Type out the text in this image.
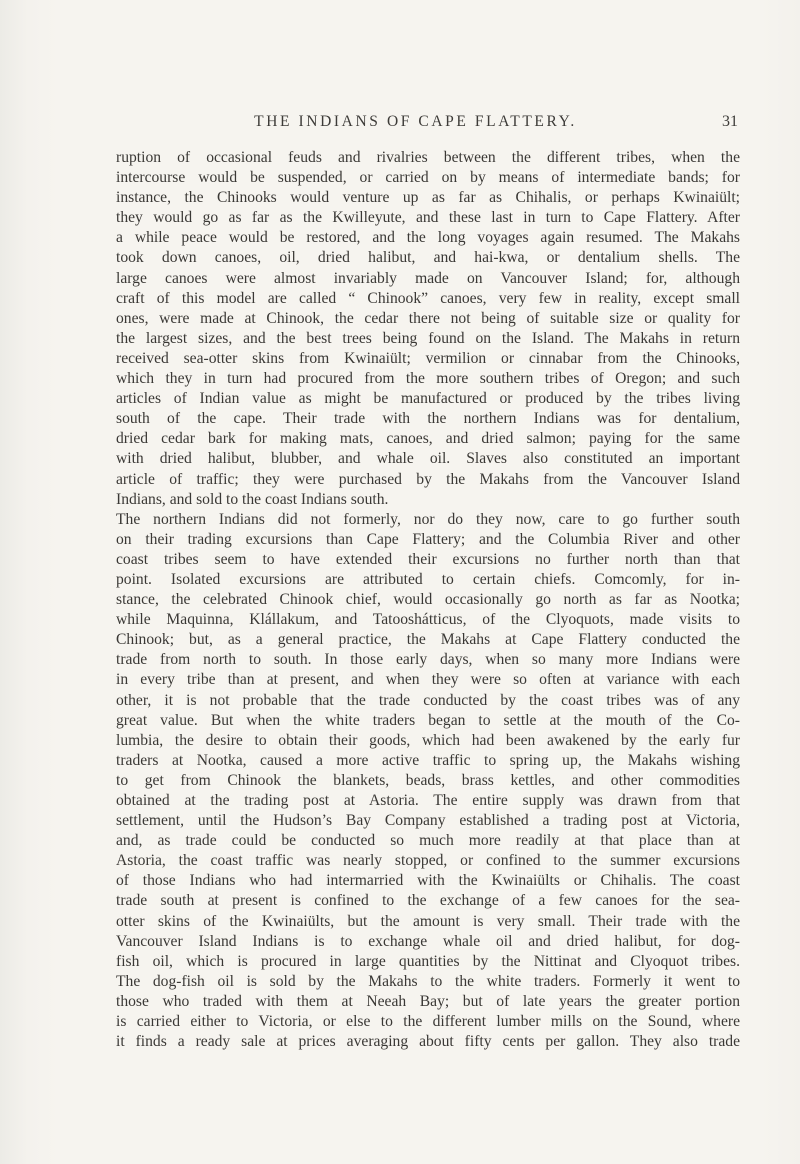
THE INDIANS OF CAPE FLATTERY.	31
ruption of occasional feuds and rivalries between the different tribes, when the
intercourse would be suspended, or carried on by means of intermediate bands; for
instance, the Chinooks would venture up as far as Chihalis, or perhaps Kwinaiült;
they would go as far as the Kwilleyute, and these last in turn to Cape Flattery. After
a while peace would be restored, and the long voyages again resumed. The Makahs
took down canoes, oil, dried halibut, and hai-kwa, or dentalium shells. The
large canoes were almost invariably made on Vancouver Island; for, although
craft of this model are called “ Chinook” canoes, very few in reality, except small
ones, were made at Chinook, the cedar there not being of suitable size or quality for
the largest sizes, and the best trees being found on the Island. The Makahs in return
received sea-otter skins from Kwinaiült; vermilion or cinnabar from the Chinooks,
which they in turn had procured from the more southern tribes of Oregon; and such
articles of Indian value as might be manufactured or produced by the tribes living
south of the cape. Their trade with the northern Indians was for dentalium,
dried cedar bark for making mats, canoes, and dried salmon; paying for the same
with dried halibut, blubber, and whale oil. Slaves also constituted an important
article of traffic; they were purchased by the Makahs from the Vancouver Island
Indians, and sold to the coast Indians south.
The northern Indians did not formerly, nor do they now, care to go further south
on their trading excursions than Cape Flattery; and the Columbia River and other
coast tribes seem to have extended their excursions no further north than that
point. Isolated excursions are attributed to certain chiefs. Comcomly, for in-
stance, the celebrated Chinook chief, would occasionally go north as far as Nootka;
while Maquinna, Klállakum, and Tatooshátticus, of the Clyoquots, made visits to
Chinook; but, as a general practice, the Makahs at Cape Flattery conducted the
trade from north to south. In those early days, when so many more Indians were
in every tribe than at present, and when they were so often at variance with each
other, it is not probable that the trade conducted by the coast tribes was of any
great value. But when the white traders began to settle at the mouth of the Co-
lumbia, the desire to obtain their goods, which had been awakened by the early fur
traders at Nootka, caused a more active traffic to spring up, the Makahs wishing
to get from Chinook the blankets, beads, brass kettles, and other commodities
obtained at the trading post at Astoria. The entire supply was drawn from that
settlement, until the Hudson’s Bay Company established a trading post at Victoria,
and, as trade could be conducted so much more readily at that place than at
Astoria, the coast traffic was nearly stopped, or confined to the summer excursions
of those Indians who had intermarried with the Kwinaiülts or Chihalis. The coast
trade south at present is confined to the exchange of a few canoes for the sea-
otter skins of the Kwinaiülts, but the amount is very small. Their trade with the
Vancouver Island Indians is to exchange whale oil and dried halibut, for dog-
fish oil, which is procured in large quantities by the Nittinat and Clyoquot tribes.
The dog-fish oil is sold by the Makahs to the white traders. Formerly it went to
those who traded with them at Neeah Bay; but of late years the greater portion
is carried either to Victoria, or else to the different lumber mills on the Sound, where
it finds a ready sale at prices averaging about fifty cents per gallon. They also trade
